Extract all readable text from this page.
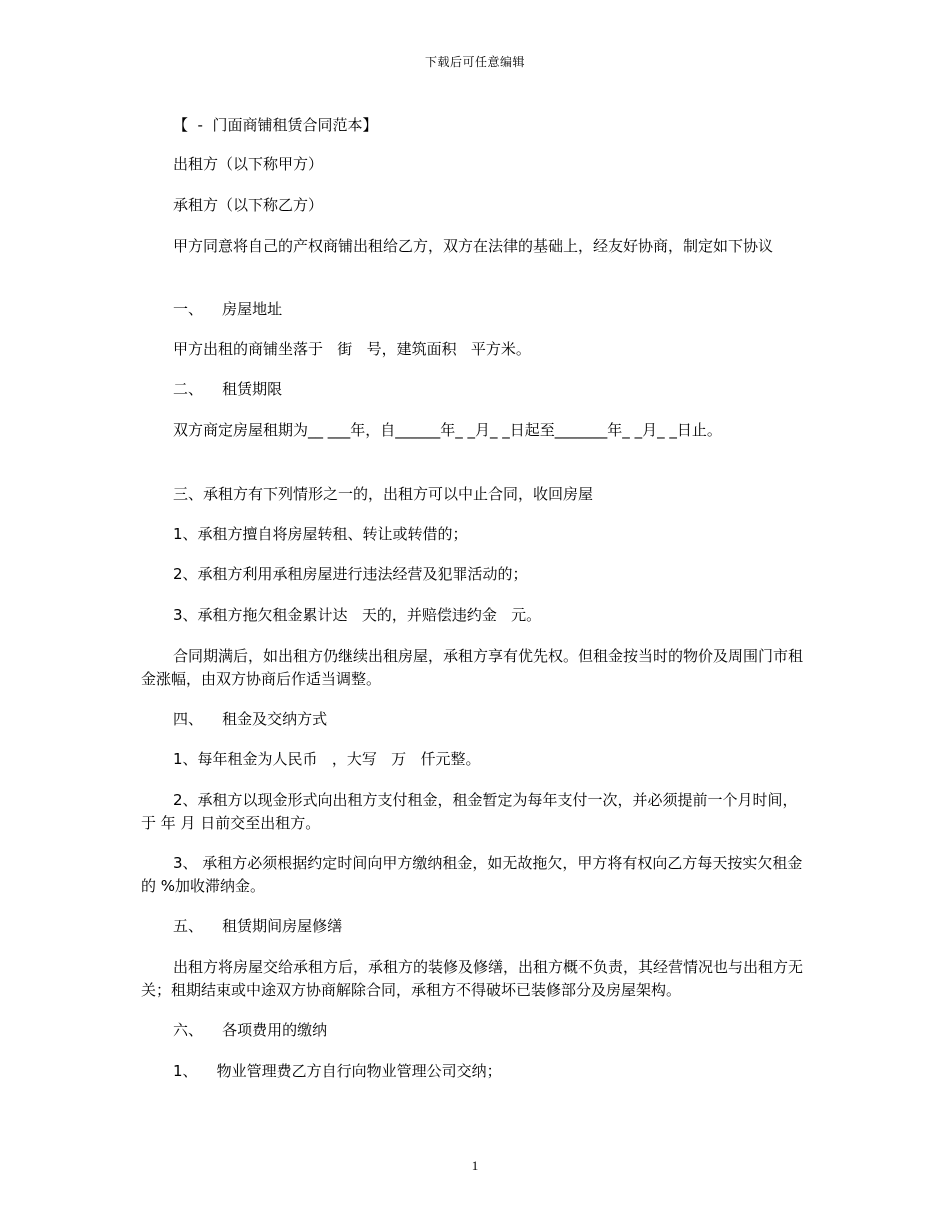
下载后可任意编辑
【  -  门面商铺租赁合同范本】
出租方（以下称甲方）
承租方（以下称乙方）
甲方同意将自己的产权商铺出租给乙方，双方在法律的基础上，经友好协商，制定如下协议
一、    房屋地址
甲方出租的商铺坐落于   街   号，建筑面积   平方米。
二、    租赁期限
双方商定房屋租期为__ ___年，自______年_ _月_ _日起至_______年_ _月_ _日止。
三、承租方有下列情形之一的，出租方可以中止合同，收回房屋
1、承租方擅自将房屋转租、转让或转借的；
2、承租方利用承租房屋进行违法经营及犯罪活动的；
3、承租方拖欠租金累计达   天的，并赔偿违约金   元。
合同期满后，如出租方仍继续出租房屋，承租方享有优先权。但租金按当时的物价及周围门市租金涨幅，由双方协商后作适当调整。
四、    租金及交纳方式
1、每年租金为人民币   ，大写   万   仟元整。
2、承租方以现金形式向出租方支付租金，租金暂定为每年支付一次，并必须提前一个月时间，于 年 月 日前交至出租方。
3、 承租方必须根据约定时间向甲方缴纳租金，如无故拖欠，甲方将有权向乙方每天按实欠租金的 %加收滞纳金。
五、    租赁期间房屋修缮
出租方将房屋交给承租方后，承租方的装修及修缮，出租方概不负责，其经营情况也与出租方无关；租期结束或中途双方协商解除合同，承租方不得破坏已装修部分及房屋架构。
六、    各项费用的缴纳
1、    物业管理费乙方自行向物业管理公司交纳；
1
